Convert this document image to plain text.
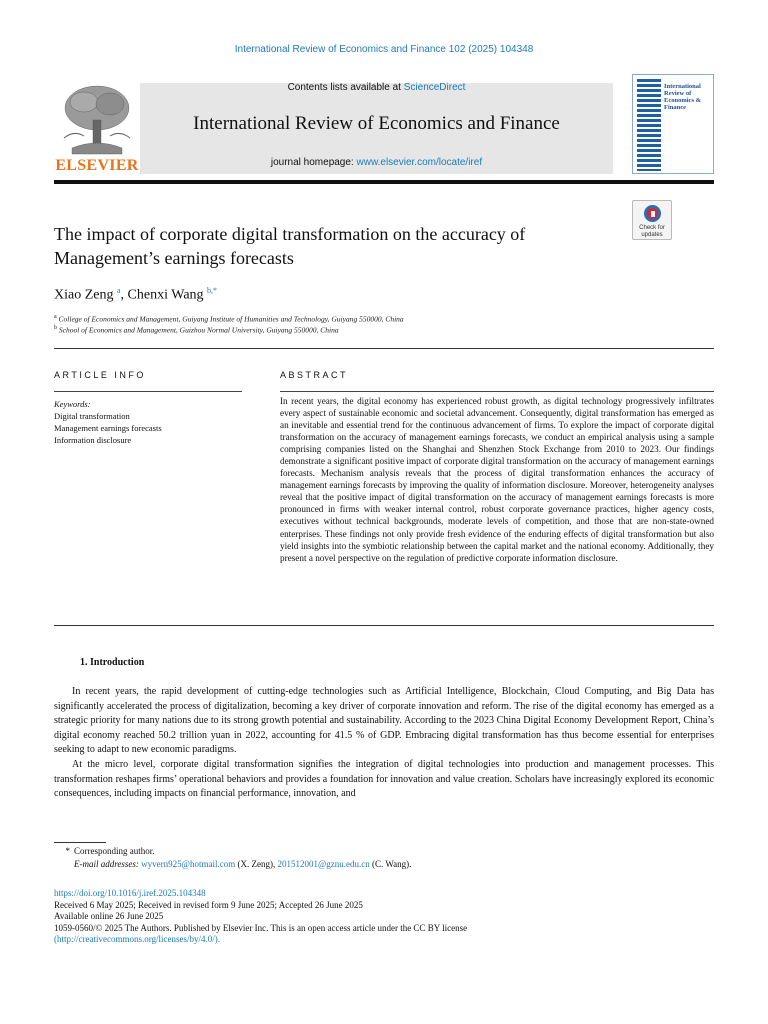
International Review of Economics and Finance 102 (2025) 104348
ELSEVIER
Contents lists available at ScienceDirect
International Review of Economics and Finance
journal homepage: www.elsevier.com/locate/iref
International Review of Economics & Finance
The impact of corporate digital transformation on the accuracy of Management’s earnings forecasts
Check for updates
Xiao Zeng $^a$, Chenxi Wang $^{b,*}$
$^a$ College of Economics and Management, Guiyang Institute of Humanities and Technology, Guiyang 550000, China
$^b$ School of Economics and Management, Guizhou Normal University, Guiyang 550000, China
ARTICLE INFO	ABSTRACT
Keywords:
Digital transformation
Management earnings forecasts
Information disclosure
In recent years, the digital economy has experienced robust growth, as digital technology progressively infiltrates every aspect of sustainable economic and societal advancement. Consequently, digital transformation has emerged as an inevitable and essential trend for the continuous advancement of firms. To explore the impact of corporate digital transformation on the accuracy of management earnings forecasts, we conduct an empirical analysis using a sample comprising companies listed on the Shanghai and Shenzhen Stock Exchange from 2010 to 2023. Our findings demonstrate a significant positive impact of corporate digital transformation on the accuracy of management earnings forecasts. Mechanism analysis reveals that the process of digital transformation enhances the accuracy of management earnings forecasts by improving the quality of information disclosure. Moreover, heterogeneity analyses reveal that the positive impact of digital transformation on the accuracy of management earnings forecasts is more pronounced in firms with weaker internal control, robust corporate governance practices, higher agency costs, executives without technical backgrounds, moderate levels of competition, and those that are non-state-owned enterprises. These findings not only provide fresh evidence of the enduring effects of digital transformation but also yield insights into the symbiotic relationship between the capital market and the national economy. Additionally, they present a novel perspective on the regulation of predictive corporate information disclosure.
1. Introduction

In recent years, the rapid development of cutting-edge technologies such as Artificial Intelligence, Blockchain, Cloud Computing, and Big Data has significantly accelerated the process of digitalization, becoming a key driver of corporate innovation and reform. The rise of the digital economy has emerged as a strategic priority for many nations due to its strong growth potential and sustainability. According to the 2023 China Digital Economy Development Report, China’s digital economy reached 50.2 trillion yuan in 2022, accounting for 41.5 % of GDP. Embracing digital transformation has thus become essential for enterprises seeking to adapt to new economic paradigms.

At the micro level, corporate digital transformation signifies the integration of digital technologies into production and management processes. This transformation reshapes firms’ operational behaviors and provides a foundation for innovation and value creation. Scholars have increasingly explored its economic consequences, including impacts on financial performance, innovation, and

* Corresponding author.
E-mail addresses: wyvern925@hotmail.com (X. Zeng), 201512001@gznu.edu.cn (C. Wang).
https://doi.org/10.1016/j.iref.2025.104348
Received 6 May 2025; Received in revised form 9 June 2025; Accepted 26 June 2025
Available online 26 June 2025
1059-0560/© 2025 The Authors. Published by Elsevier Inc. This is an open access article under the CC BY license
(http://creativecommons.org/licenses/by/4.0/).
